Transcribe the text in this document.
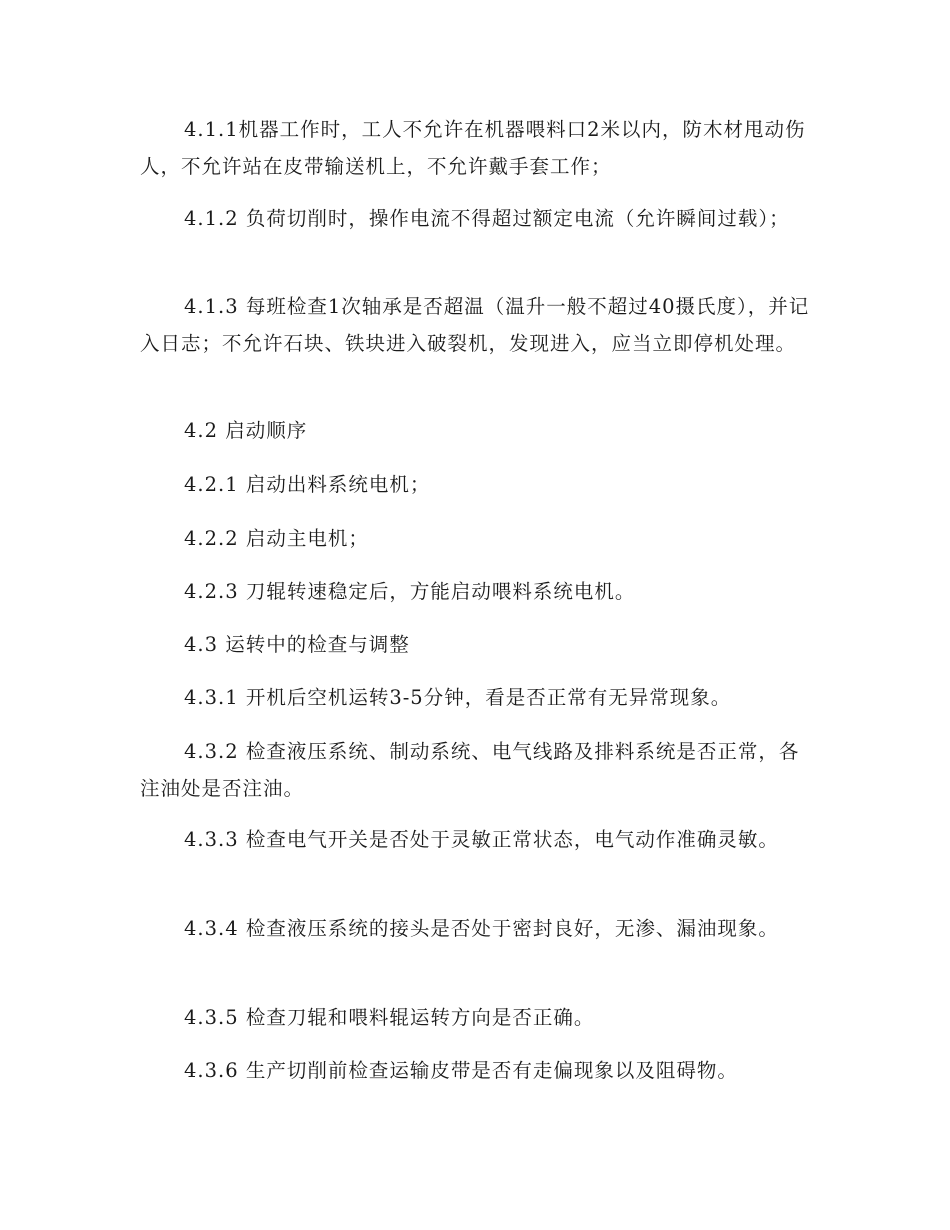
4.1.1机器工作时，工人不允许在机器喂料口2米以内，防木材甩动伤人，不允许站在皮带输送机上，不允许戴手套工作；

4.1.2 负荷切削时，操作电流不得超过额定电流（允许瞬间过载）；

4.1.3 每班检查1次轴承是否超温（温升一般不超过40摄氏度），并记入日志；不允许石块、铁块进入破裂机，发现进入，应当立即停机处理。

4.2 启动顺序

4.2.1 启动出料系统电机；

4.2.2 启动主电机；

4.2.3 刀辊转速稳定后，方能启动喂料系统电机。

4.3 运转中的检查与调整

4.3.1 开机后空机运转3-5分钟，看是否正常有无异常现象。

4.3.2 检查液压系统、制动系统、电气线路及排料系统是否正常，各注油处是否注油。

4.3.3 检查电气开关是否处于灵敏正常状态，电气动作准确灵敏。

4.3.4 检查液压系统的接头是否处于密封良好，无渗、漏油现象。

4.3.5 检查刀辊和喂料辊运转方向是否正确。

4.3.6 生产切削前检查运输皮带是否有走偏现象以及阻碍物。
